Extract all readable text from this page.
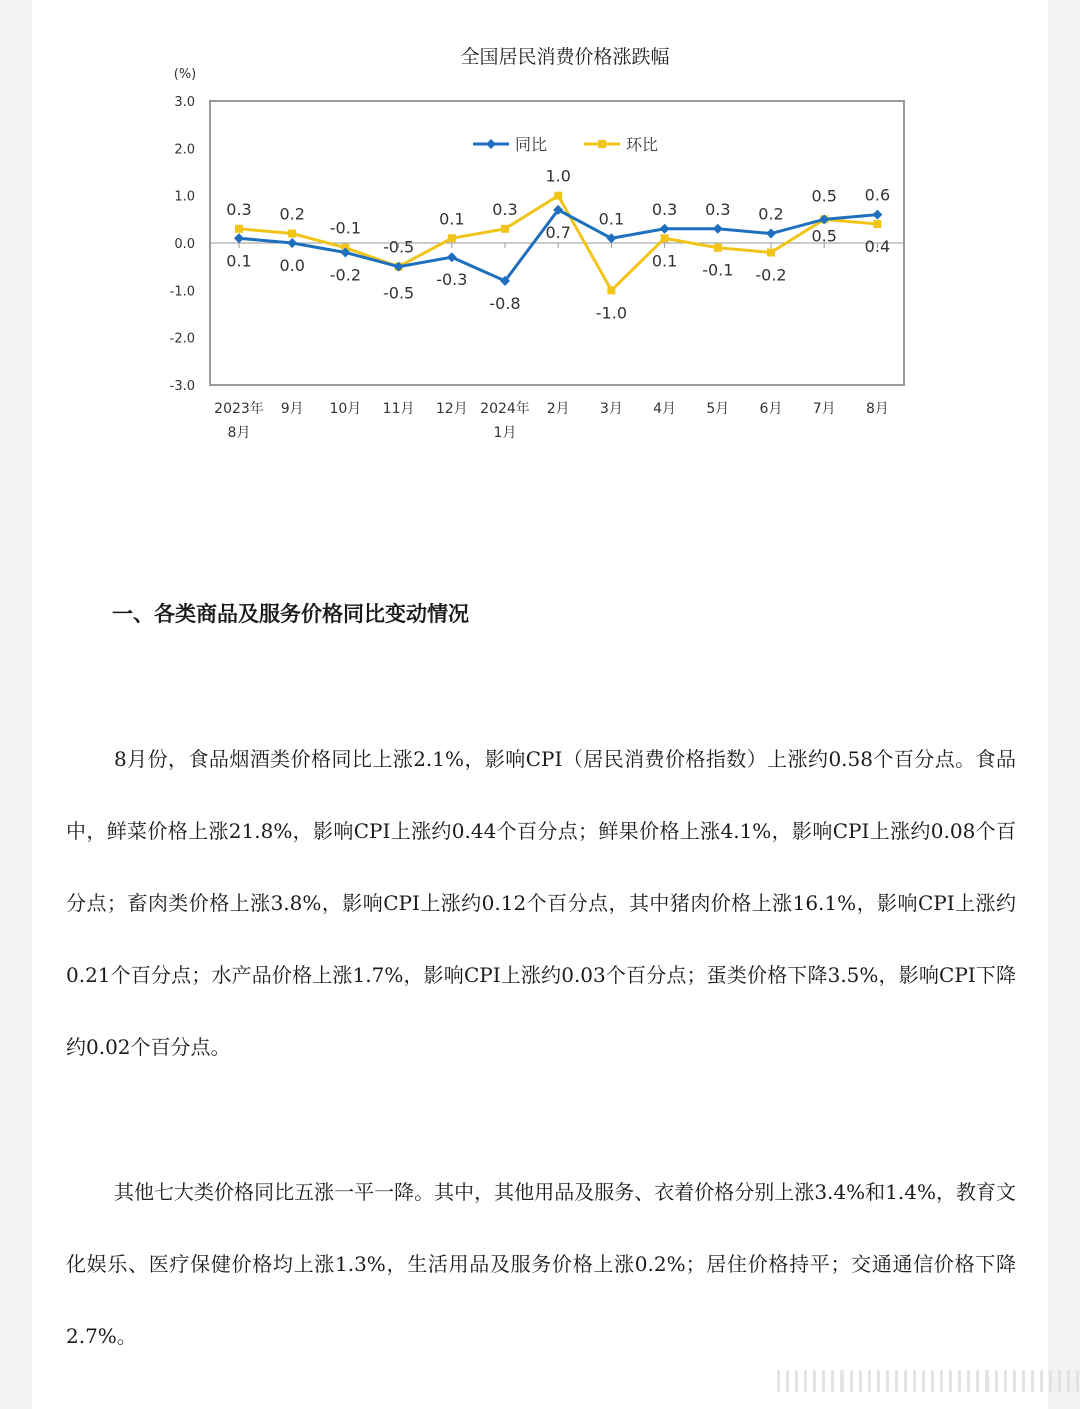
全国居民消费价格涨跌幅
(%)
3.0
2.0
1.0
0.0
-1.0
-2.0
-3.0
2023年
8月
9月 10月 11月 12月 2024年
1月
2月 3月 4月 5月 6月 7月 8月
同比	环比
0.1
0.3
0.0
0.2
-0.2
-0.1
-0.5
-0.5
-0.3
0.1
-0.8
0.3
0.7
1.0
0.1
-1.0
0.3
0.1
0.3
-0.1
0.2
-0.2
0.5
0.5
0.6
0.4
一、各类商品及服务价格同比变动情况

8月份，食品烟酒类价格同比上涨2.1%，影响CPI（居民消费价格指数）上涨约0.58个百分点。食品中，鲜菜价格上涨21.8%，影响CPI上涨约0.44个百分点；鲜果价格上涨4.1%，影响CPI上涨约0.08个百分点；畜肉类价格上涨3.8%，影响CPI上涨约0.12个百分点，其中猪肉价格上涨16.1%，影响CPI上涨约0.21个百分点；水产品价格上涨1.7%，影响CPI上涨约0.03个百分点；蛋类价格下降3.5%，影响CPI下降约0.02个百分点。

其他七大类价格同比五涨一平一降。其中，其他用品及服务、衣着价格分别上涨3.4%和1.4%，教育文化娱乐、医疗保健价格均上涨1.3%，生活用品及服务价格上涨0.2%；居住价格持平；交通通信价格下降2.7%。
